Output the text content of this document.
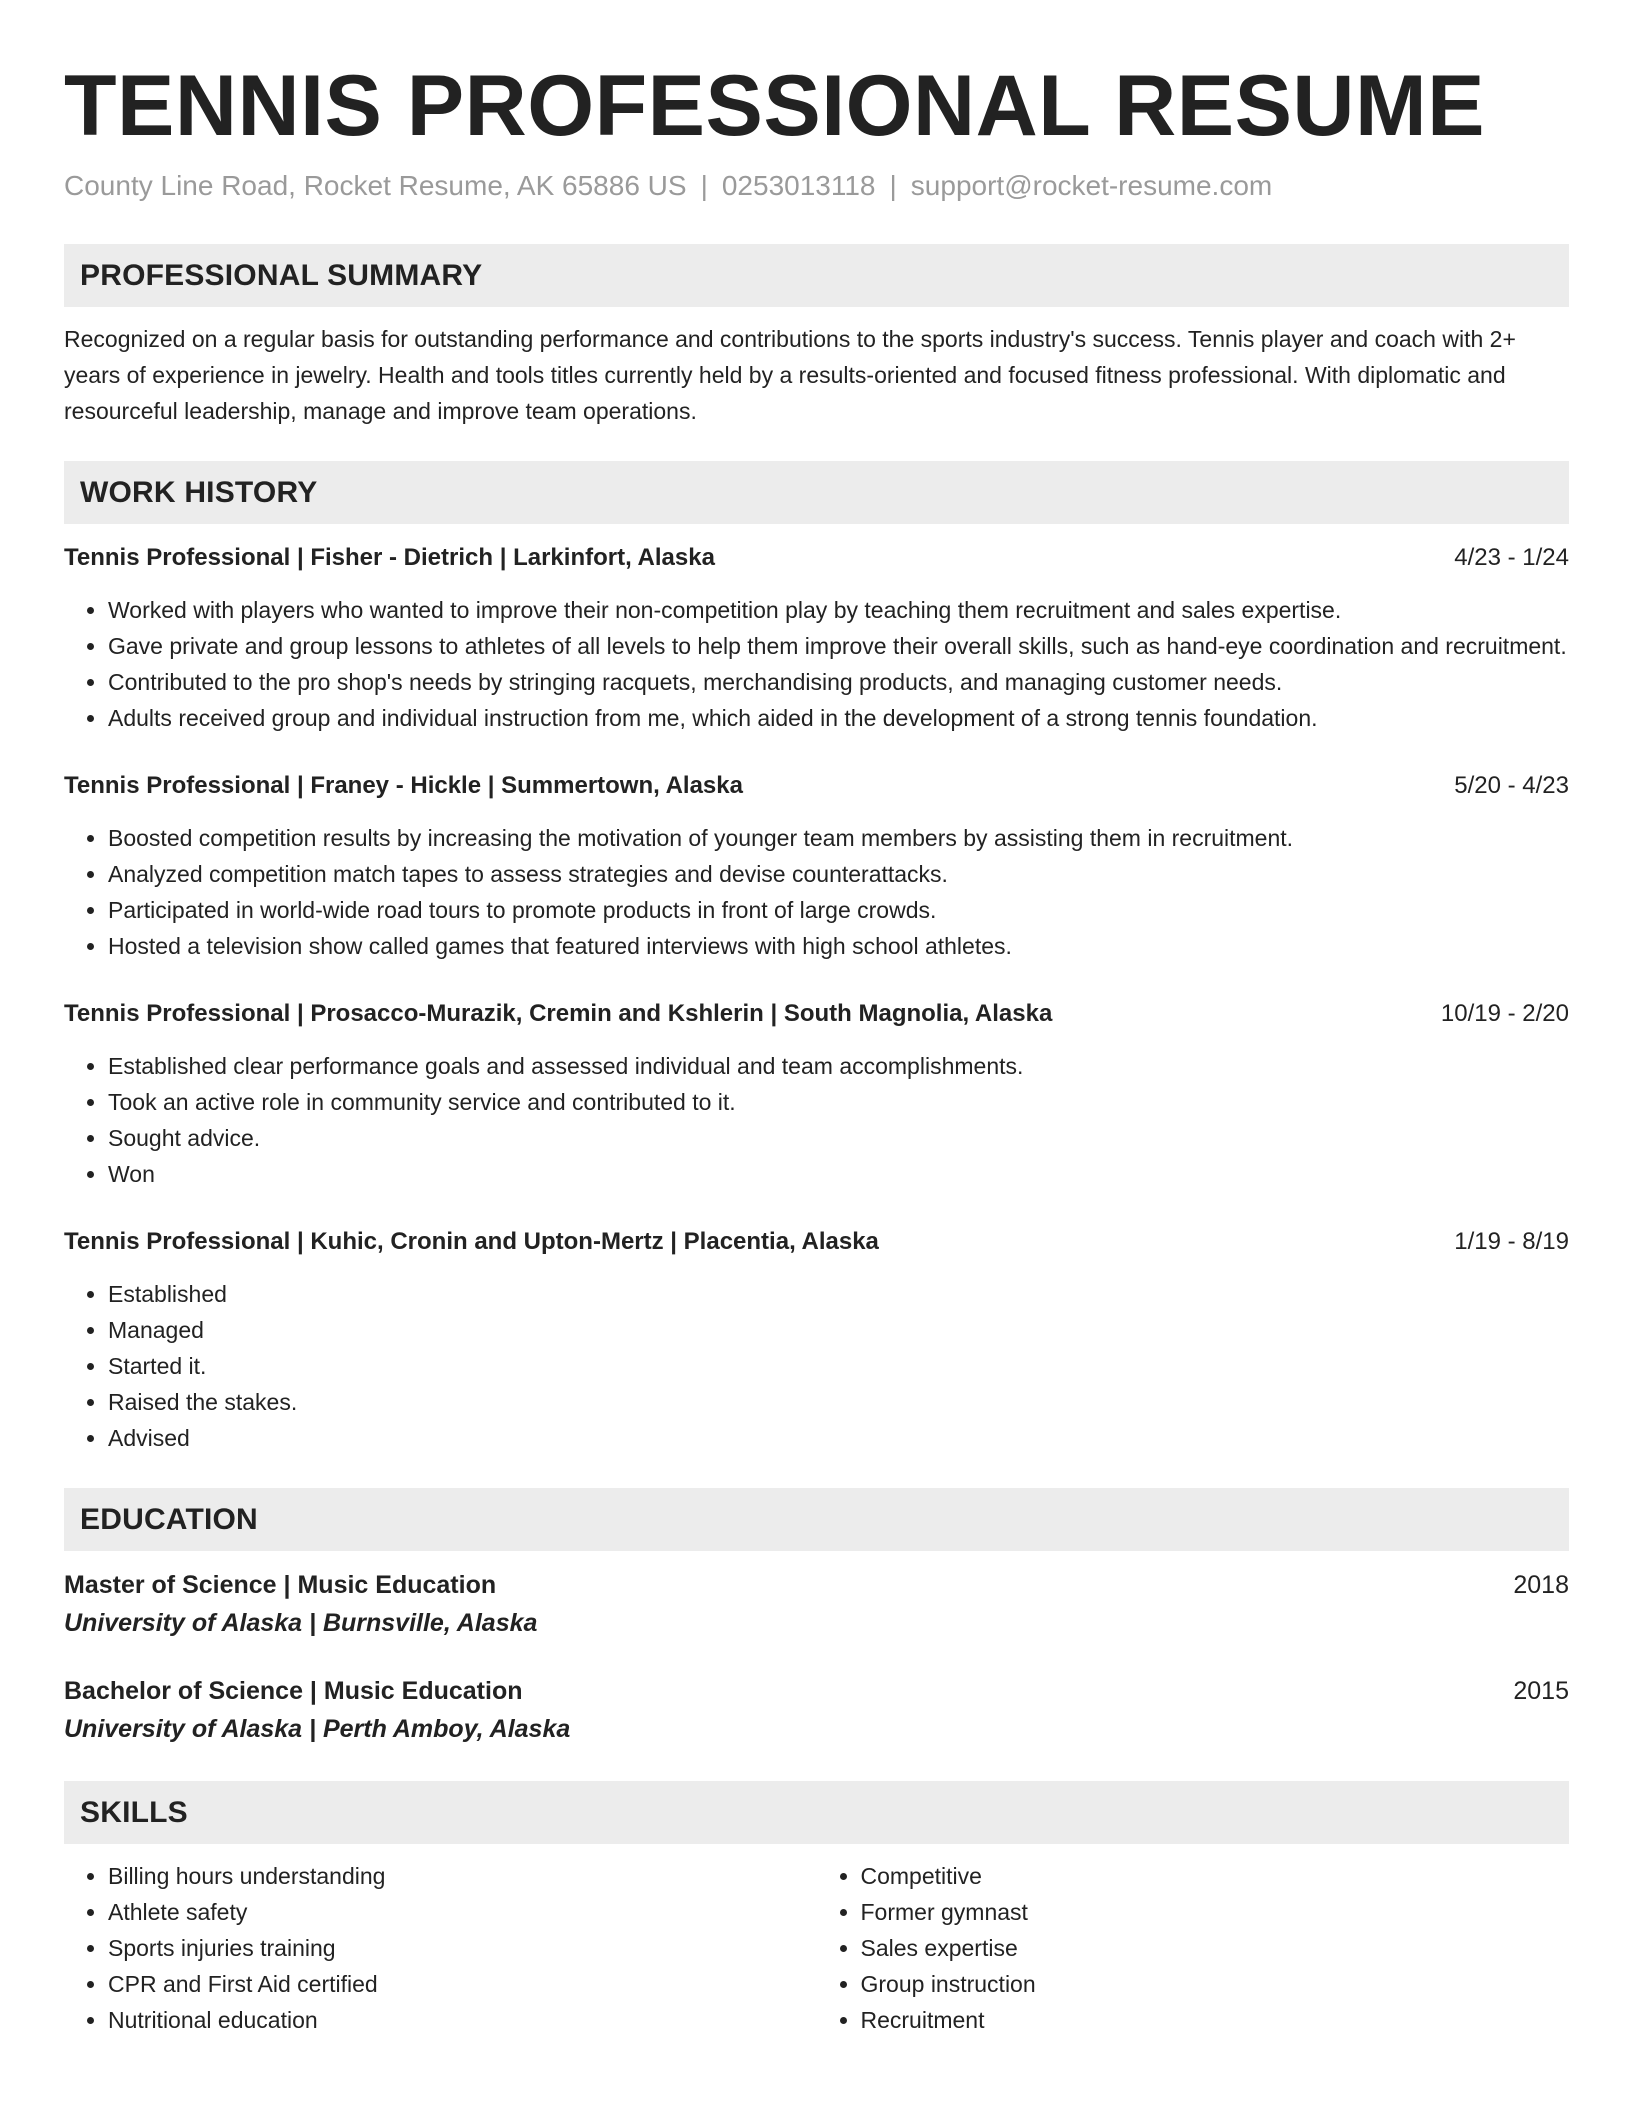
TENNIS PROFESSIONAL RESUME
County Line Road, Rocket Resume, AK 65886 US | 0253013118 | support@rocket-resume.com
PROFESSIONAL SUMMARY
Recognized on a regular basis for outstanding performance and contributions to the sports industry's success. Tennis player and coach with 2+ years of experience in jewelry. Health and tools titles currently held by a results-oriented and focused fitness professional. With diplomatic and resourceful leadership, manage and improve team operations.
WORK HISTORY
Tennis Professional | Fisher - Dietrich | Larkinfort, Alaska	4/23 - 1/24
• Worked with players who wanted to improve their non-competition play by teaching them recruitment and sales expertise.
• Gave private and group lessons to athletes of all levels to help them improve their overall skills, such as hand-eye coordination and recruitment.
• Contributed to the pro shop's needs by stringing racquets, merchandising products, and managing customer needs.
• Adults received group and individual instruction from me, which aided in the development of a strong tennis foundation.
Tennis Professional | Franey - Hickle | Summertown, Alaska	5/20 - 4/23
• Boosted competition results by increasing the motivation of younger team members by assisting them in recruitment.
• Analyzed competition match tapes to assess strategies and devise counterattacks.
• Participated in world-wide road tours to promote products in front of large crowds.
• Hosted a television show called games that featured interviews with high school athletes.
Tennis Professional | Prosacco-Murazik, Cremin and Kshlerin | South Magnolia, Alaska	10/19 - 2/20
• Established clear performance goals and assessed individual and team accomplishments.
• Took an active role in community service and contributed to it.
• Sought advice.
• Won
Tennis Professional | Kuhic, Cronin and Upton-Mertz | Placentia, Alaska	1/19 - 8/19
• Established
• Managed
• Started it.
• Raised the stakes.
• Advised
EDUCATION
Master of Science | Music Education	2018
University of Alaska | Burnsville, Alaska
Bachelor of Science | Music Education	2015
University of Alaska | Perth Amboy, Alaska
SKILLS
• Billing hours understanding
• Athlete safety
• Sports injuries training
• CPR and First Aid certified
• Nutritional education
• Competitive
• Former gymnast
• Sales expertise
• Group instruction
• Recruitment
